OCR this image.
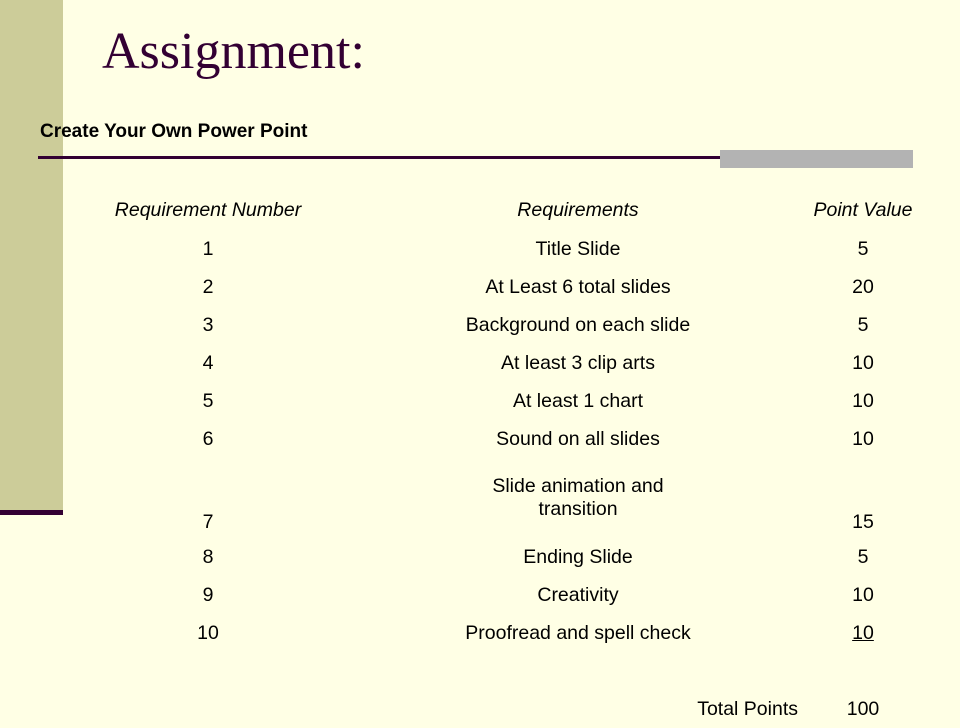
Assignment:
Create Your Own Power Point
Requirement Number	Requirements	Point Value
1	Title Slide	5
2	At Least 6 total slides	20
3	Background on each slide	5
4	At least 3 clip arts	10
5	At least 1 chart	10
6	Sound on all slides	10
7	Slide animation and transition	15
8	Ending Slide	5
9	Creativity	10
10	Proofread and spell check	10

	Total Points	100
